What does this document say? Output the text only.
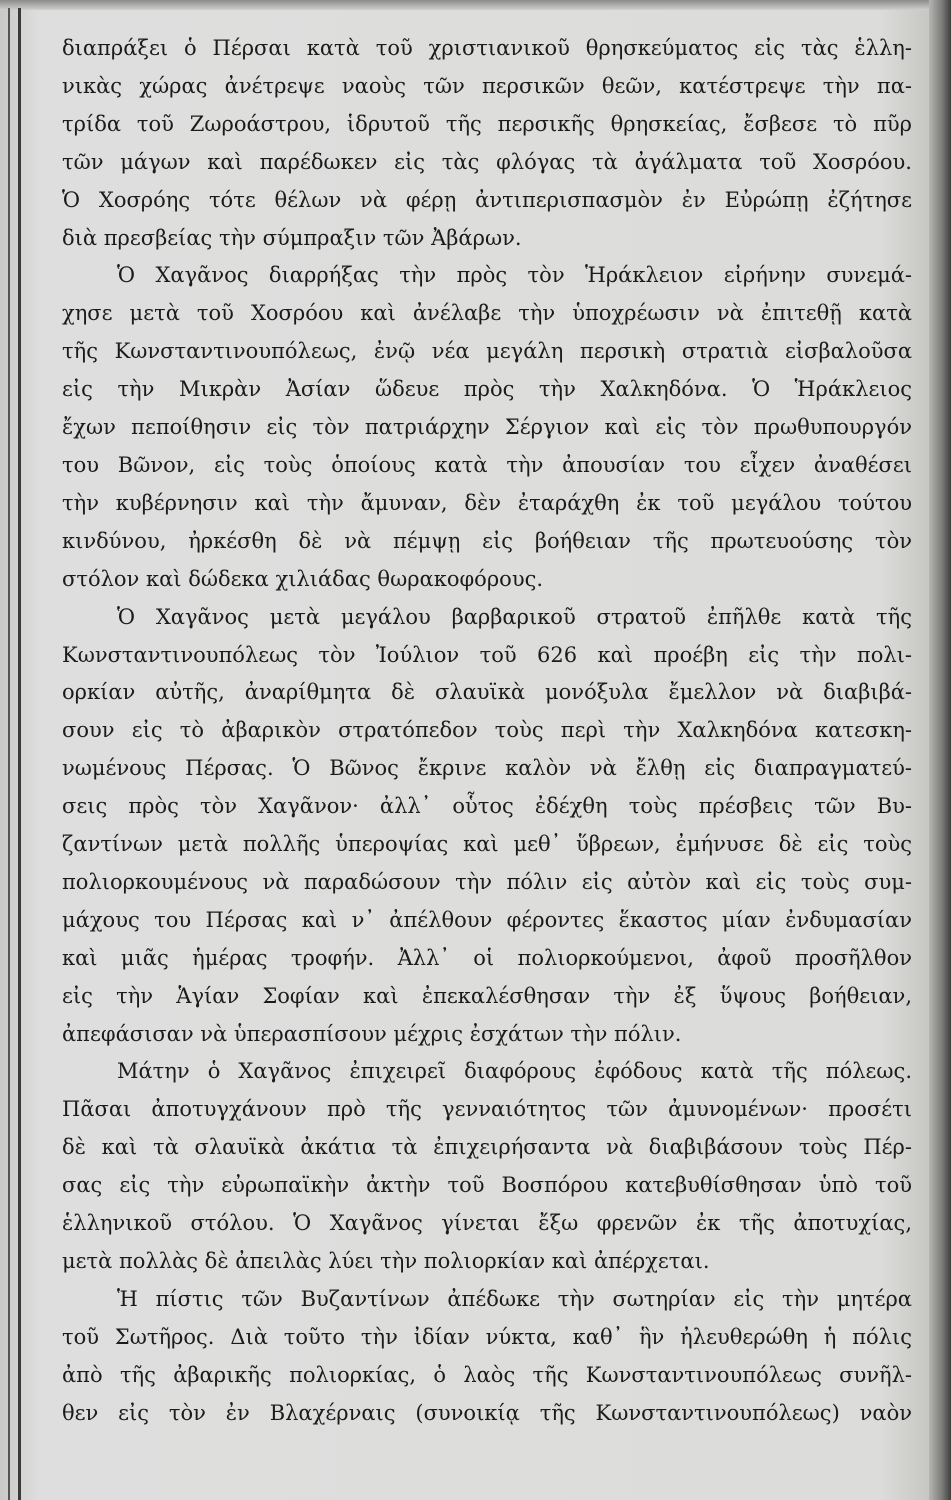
διαπράξει ὁ Πέρσαι κατὰ τοῦ χριστιανικοῦ θρησκεύματος εἰς τὰς ἑλλη-
νικὰς χώρας ἀνέτρεψε ναοὺς τῶν περσικῶν θεῶν, κατέστρεψε τὴν πα-
τρίδα τοῦ Ζωροάστρου, ἱδρυτοῦ τῆς περσικῆς θρησκείας, ἔσβεσε τὸ πῦρ
τῶν μάγων καὶ παρέδωκεν εἰς τὰς φλόγας τὰ ἀγάλματα τοῦ Χοσρόου.
Ὁ Χοσρόης τότε θέλων νὰ φέρῃ ἀντιπερισπασμὸν ἐν Εὐρώπῃ ἐζήτησε
διὰ πρεσβείας τὴν σύμπραξιν τῶν Ἀβάρων.
Ὁ Χαγᾶνος διαρρήξας τὴν πρὸς τὸν Ἡράκλειον εἰρήνην συνεμά-
χησε μετὰ τοῦ Χοσρόου καὶ ἀνέλαβε τὴν ὑποχρέωσιν νὰ ἐπιτεθῇ κατὰ
τῆς Κωνσταντινουπόλεως, ἐνῷ νέα μεγάλη περσικὴ στρατιὰ εἰσβαλοῦσα
εἰς τὴν Μικρὰν Ἀσίαν ὥδευε πρὸς τὴν Χαλκηδόνα. Ὁ Ἡράκλειος
ἔχων πεποίθησιν εἰς τὸν πατριάρχην Σέργιον καὶ εἰς τὸν πρωθυπουργόν
του Βῶνον, εἰς τοὺς ὁποίους κατὰ τὴν ἀπουσίαν του εἶχεν ἀναθέσει
τὴν κυβέρνησιν καὶ τὴν ἄμυναν, δὲν ἐταράχθη ἐκ τοῦ μεγάλου τούτου
κινδύνου, ἠρκέσθη δὲ νὰ πέμψῃ εἰς βοήθειαν τῆς πρωτευούσης τὸν
στόλον καὶ δώδεκα χιλιάδας θωρακοφόρους.
Ὁ Χαγᾶνος μετὰ μεγάλου βαρβαρικοῦ στρατοῦ ἐπῆλθε κατὰ τῆς
Κωνσταντινουπόλεως τὸν Ἰούλιον τοῦ 626 καὶ προέβη εἰς τὴν πολι-
ορκίαν αὐτῆς, ἀναρίθμητα δὲ σλαυϊκὰ μονόξυλα ἔμελλον νὰ διαβιβά-
σουν εἰς τὸ ἀβαρικὸν στρατόπεδον τοὺς περὶ τὴν Χαλκηδόνα κατεσκη-
νωμένους Πέρσας. Ὁ Βῶνος ἔκρινε καλὸν νὰ ἔλθῃ εἰς διαπραγματεύ-
σεις πρὸς τὸν Χαγᾶνον· ἀλλ᾽ οὗτος ἐδέχθη τοὺς πρέσβεις τῶν Βυ-
ζαντίνων μετὰ πολλῆς ὑπεροψίας καὶ μεθ᾽ ὕβρεων, ἐμήνυσε δὲ εἰς τοὺς
πολιορκουμένους νὰ παραδώσουν τὴν πόλιν εἰς αὐτὸν καὶ εἰς τοὺς συμ-
μάχους του Πέρσας καὶ ν᾽ ἀπέλθουν φέροντες ἕκαστος μίαν ἐνδυμασίαν
καὶ μιᾶς ἡμέρας τροφήν. Ἀλλ᾽ οἱ πολιορκούμενοι, ἀφοῦ προσῆλθον
εἰς τὴν Ἁγίαν Σοφίαν καὶ ἐπεκαλέσθησαν τὴν ἐξ ὕψους βοήθειαν,
ἀπεφάσισαν νὰ ὑπερασπίσουν μέχρις ἐσχάτων τὴν πόλιν.
Μάτην ὁ Χαγᾶνος ἐπιχειρεῖ διαφόρους ἐφόδους κατὰ τῆς πόλεως.
Πᾶσαι ἀποτυγχάνουν πρὸ τῆς γενναιότητος τῶν ἀμυνομένων· προσέτι
δὲ καὶ τὰ σλαυϊκὰ ἀκάτια τὰ ἐπιχειρήσαντα νὰ διαβιβάσουν τοὺς Πέρ-
σας εἰς τὴν εὐρωπαϊκὴν ἀκτὴν τοῦ Βοσπόρου κατεβυθίσθησαν ὑπὸ τοῦ
ἑλληνικοῦ στόλου. Ὁ Χαγᾶνος γίνεται ἔξω φρενῶν ἐκ τῆς ἀποτυχίας,
μετὰ πολλὰς δὲ ἀπειλὰς λύει τὴν πολιορκίαν καὶ ἀπέρχεται.
Ἡ πίστις τῶν Βυζαντίνων ἀπέδωκε τὴν σωτηρίαν εἰς τὴν μητέρα
τοῦ Σωτῆρος. Διὰ τοῦτο τὴν ἰδίαν νύκτα, καθ᾽ ἣν ἠλευθερώθη ἡ πόλις
ἀπὸ τῆς ἀβαρικῆς πολιορκίας, ὁ λαὸς τῆς Κωνσταντινουπόλεως συνῆλ-
θεν εἰς τὸν ἐν Βλαχέρναις (συνοικίᾳ τῆς Κωνσταντινουπόλεως) ναὸν
